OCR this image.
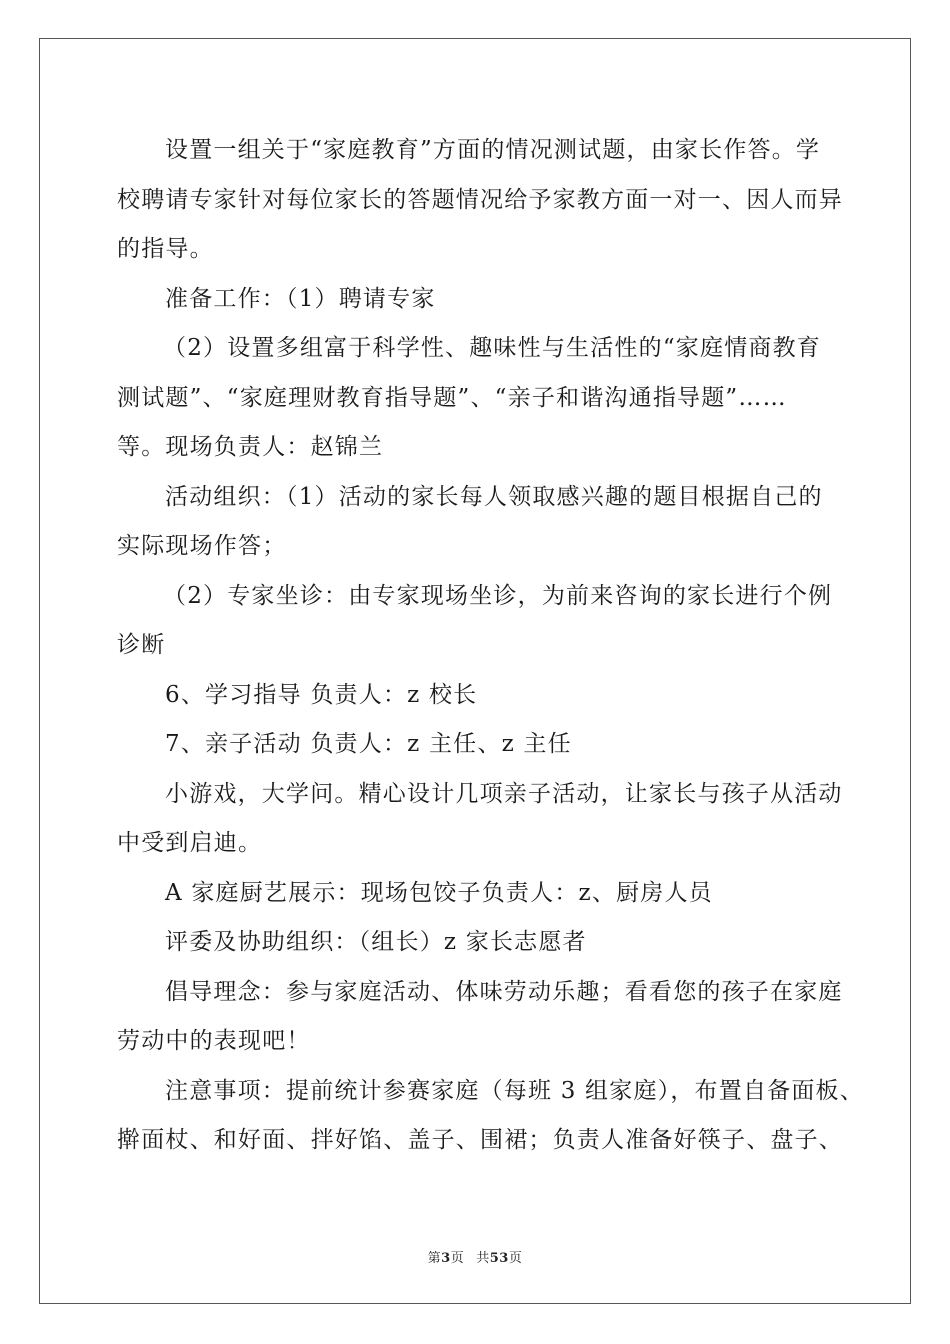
设置一组关于“家庭教育”方面的情况测试题，由家长作答。学

校聘请专家针对每位家长的答题情况给予家教方面一对一、因人而异

的指导。

准备工作：（1）聘请专家

（2）设置多组富于科学性、趣味性与生活性的“家庭情商教育

测试题”、“家庭理财教育指导题”、“亲子和谐沟通指导题”……

等。现场负责人：赵锦兰

活动组织：（1）活动的家长每人领取感兴趣的题目根据自己的

实际现场作答；

（2）专家坐诊：由专家现场坐诊，为前来咨询的家长进行个例

诊断

6、学习指导 负责人：z 校长

7、亲子活动 负责人：z 主任、z 主任

小游戏，大学问。精心设计几项亲子活动，让家长与孩子从活动

中受到启迪。

A 家庭厨艺展示：现场包饺子负责人：z、厨房人员

评委及协助组织：（组长）z 家长志愿者

倡导理念：参与家庭活动、体味劳动乐趣；看看您的孩子在家庭

劳动中的表现吧！

注意事项：提前统计参赛家庭（每班 3 组家庭），布置自备面板、

擀面杖、和好面、拌好馅、盖子、围裙；负责人准备好筷子、盘子、

第3页 共53页
